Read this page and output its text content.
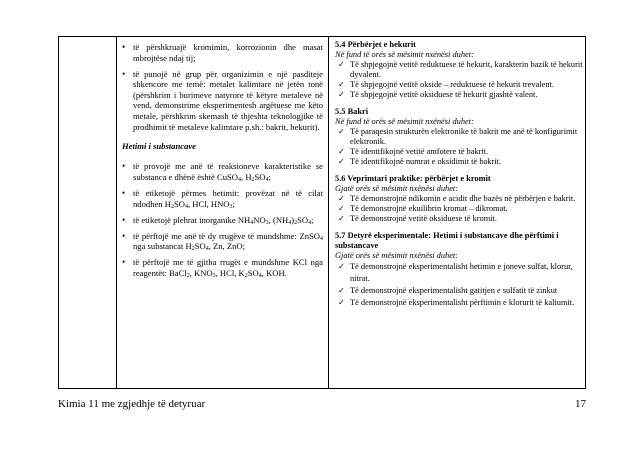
• të përshkruajë kromimin, korrozionin dhe masat mbrojtëse ndaj tij;
• të punojë në grup për organizimin e një pasditeje shkencore me temë: metalet kalimtare në jetën tonë (përshkrim i burimeve natyrore të këtyre metaleve në vend, demonstrime eksperimentesh argëtuese me këto metale, përshkrim skemash të thjeshta teknologjike të prodhimit të metaleve kalimtare p.sh.: bakrit, hekurit).
Hetimi i substancave
• të provojë me anë të reaksioneve karakteristike se substanca e dhënë është CuSO$_4$, $H_2SO_4$;
• të etiketojë përmes hetimit: provëzat në të cilat ndodhen $H_2SO_4$, HCl, $HNO_3$;
• të etiketojë plehrat inorganike $NH_4NO_3$, $(NH_4)_2SO_4$;
• të përftojë me anë të dy rrugëve të mundshme: ZnSO$_4$ nga substancat $H_2SO_4$, Zn, ZnO;
• të përftojë me të gjitha rrugët e mundshme KCl nga reagentët: BaCl$_2$, $KNO_3$, HCl, $K_2SO_4$, KOH.
5.4 Përbërjet e hekurit
Në fund të orës së mësimit nxënësi duhet:
✓ Të shpjegojnë vetitë reduktuese të hekurit, karakterin bazik të hekurit dyvalent.
✓ Të shpjegojnë vetitë okside – reduktuese të hekurit trevalent.
✓ Të shpjegojnë vetitë oksiduese të hekurit gjashtë valent.
5.5 Bakri
Në fund të orës së mësimit nxënësi duhet:
✓ Të paraqesin strukturën elektronike të bakrit me anë të konfigurimit elektronik.
✓ Të identifikojnë vetitë amfotere të bakrit.
✓ Të identifikojnë numrat e oksidimit të bakrit.
5.6 Veprimtari praktike: përbërjet e kromit
Gjatë orës së mësimit nxënësi duhet:
✓ Të demonstrojnë ndikomin e acidit dhe bazës në përbërjen e bakrit.
✓ Të demonstrojnë ekuilibrin kromat – dikromat.
✓ Të demonstrojnë vetitë oksiduese të kromit.
5.7 Detyrë eksperimentale: Hetimi i substancave dhe përftimi i substancave
Gjatë orës së mësimit nxënësi duhet:
✓ Të demonstrojnë eksperimentalisht hetimin e joneve sulfat, klorur, nitrat.
✓ Të demonstrojnë eksperimentalisht gatitjen e sulfatit të zinkut
✓ Të demonstrojnë eksperimentalisht përftimin e klorurit të kaliumit.
Kimia 11 me zgjedhje të detyruar	17
